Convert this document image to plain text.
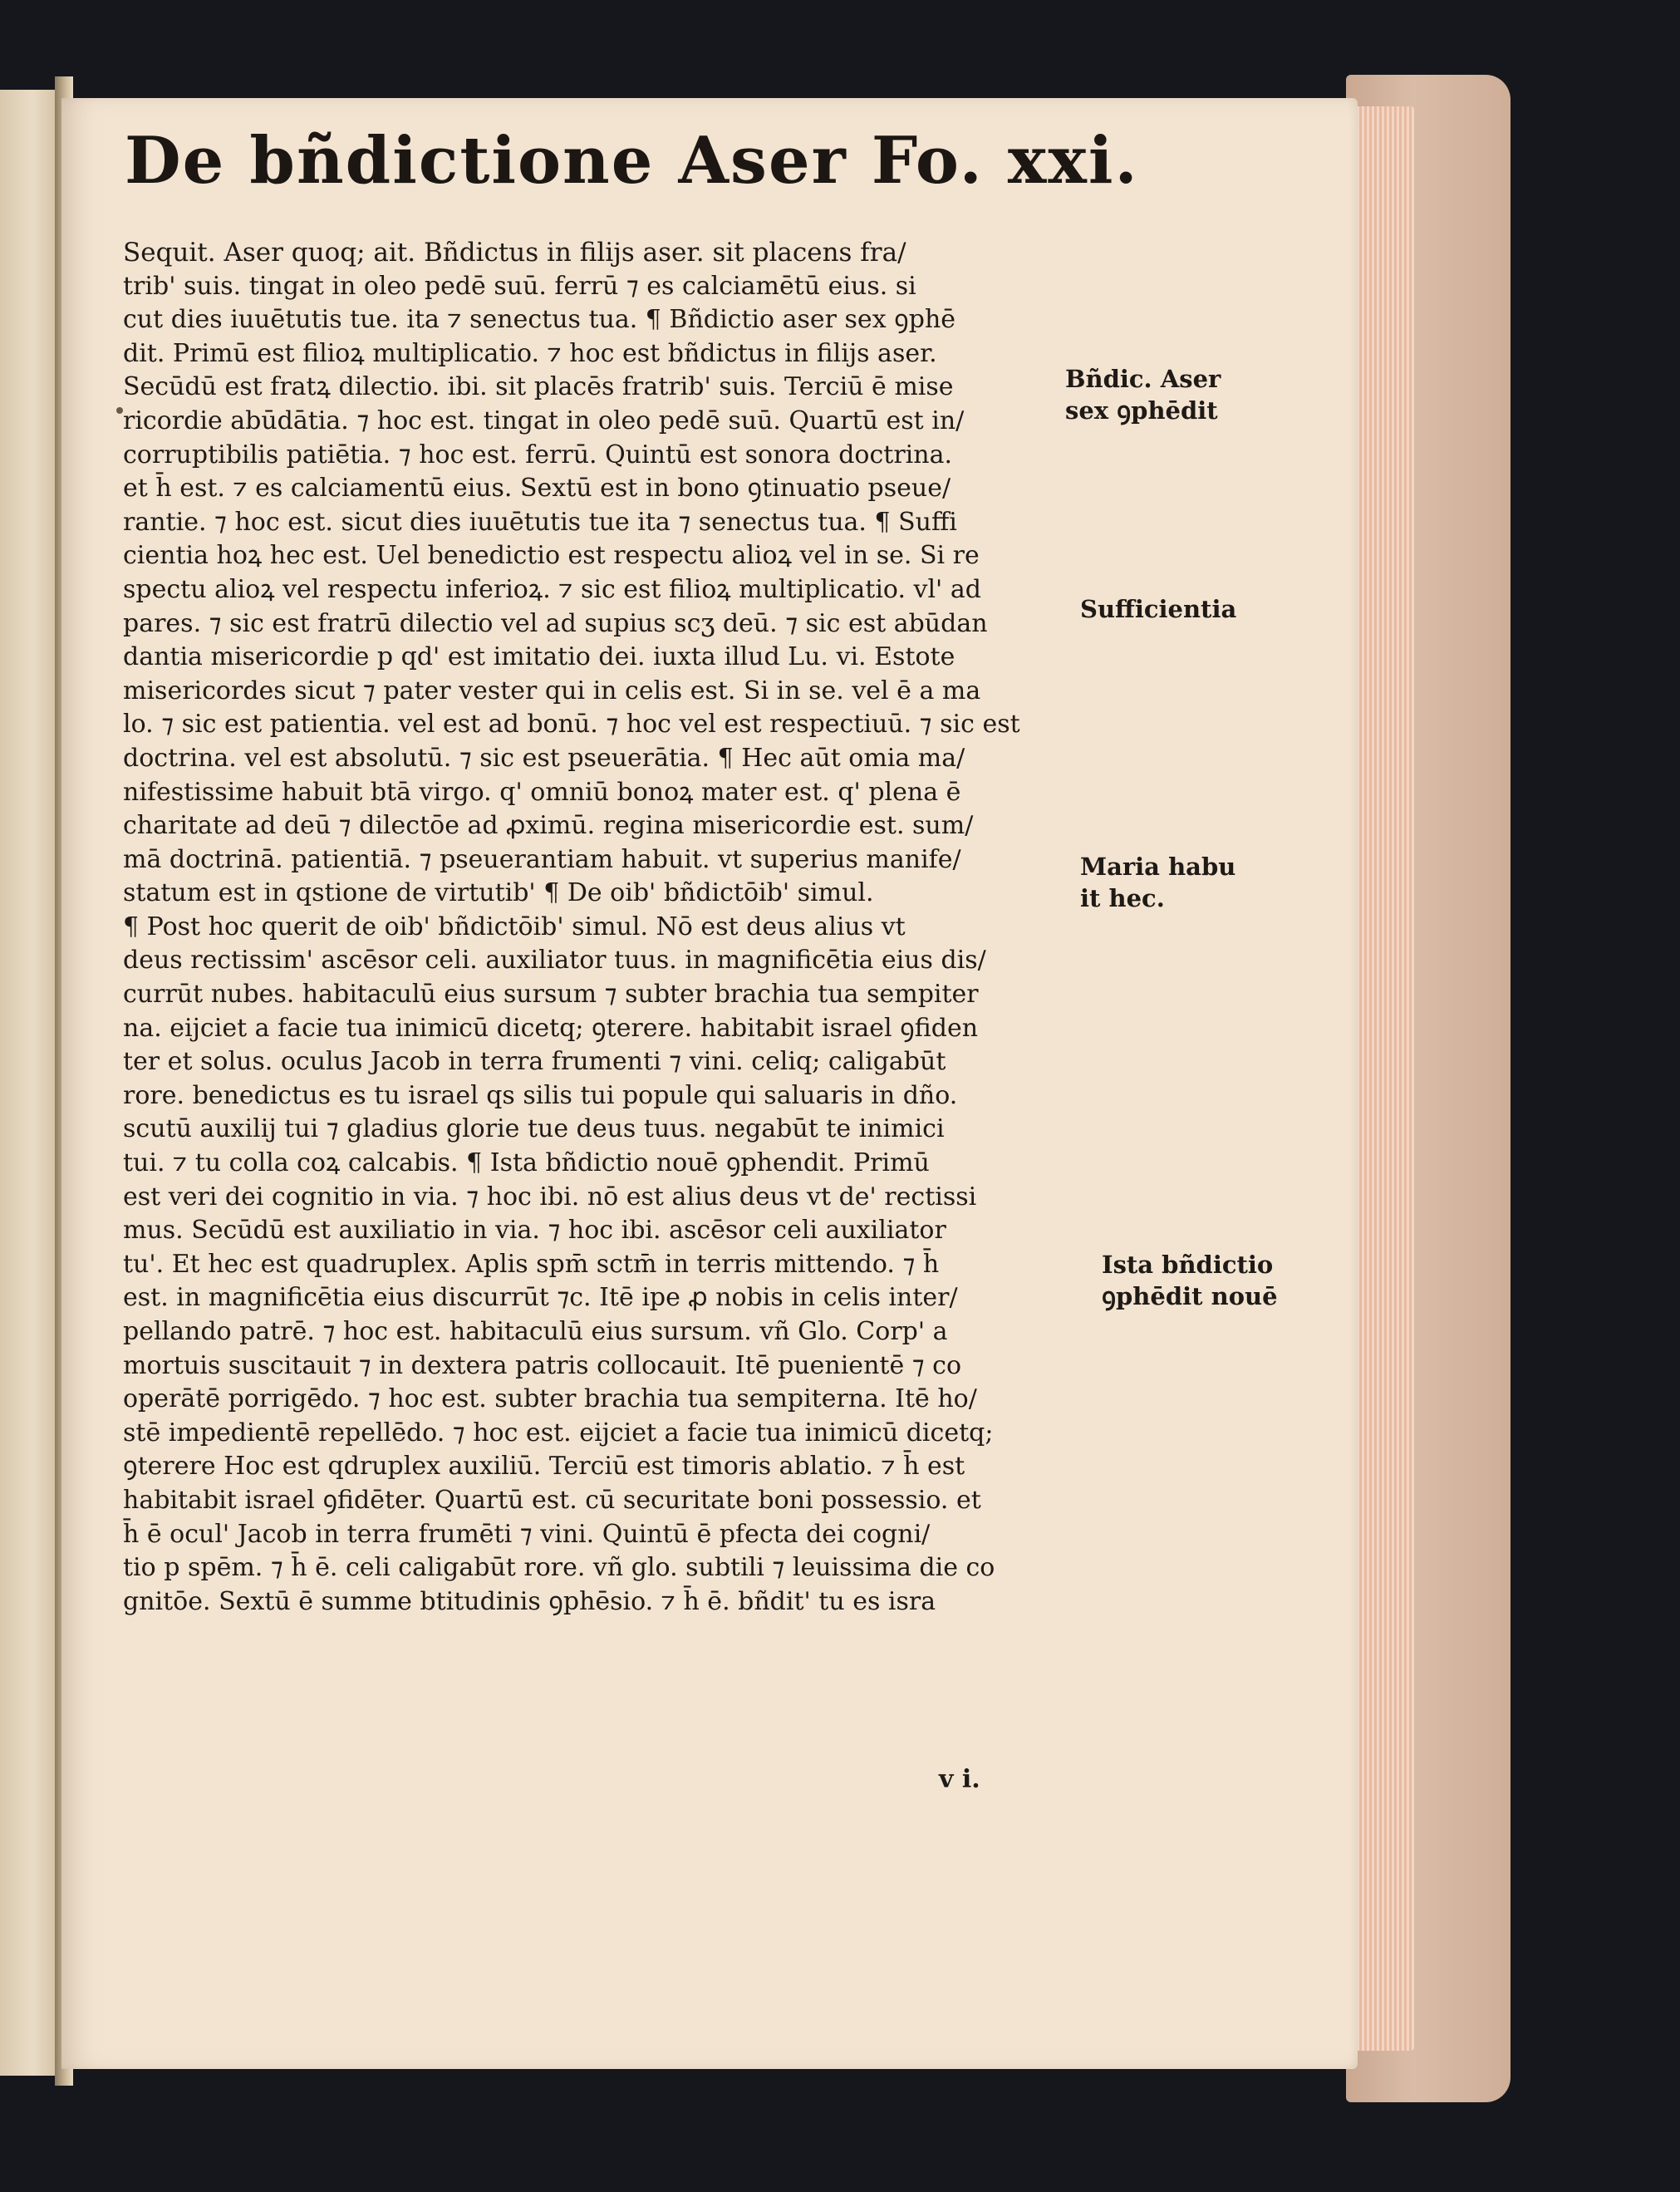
De bñdictione Aser Fo. xxi.
Sequit. Aser quoq; ait. Bñdictus in filijs aser. sit placens fra/
trib' suis. tingat in oleo pedē suū. ferrū ⁊ es calciamētū eius. si
cut dies iuuētutis tue. ita ⁊ senectus tua. ¶ Bñdictio aser sex ꝯphē
dit. Primū est filioꝝ multiplicatio. ⁊ hoc est bñdictus in filijs aser.
Secūdū est fratꝝ dilectio. ibi. sit placēs fratrib' suis. Terciū ē mise
ricordie abūdātia. ⁊ hoc est. tingat in oleo pedē suū. Quartū est in/
corruptibilis patiētia. ⁊ hoc est. ferrū. Quintū est sonora doctrina.
et h̄ est. ⁊ es calciamentū eius. Sextū est in bono ꝯtinuatio pseue/
rantie. ⁊ hoc est. sicut dies iuuētutis tue ita ⁊ senectus tua. ¶ Suffi
cientia hoꝝ hec est. Uel benedictio est respectu alioꝝ vel in se. Si re
spectu alioꝝ vel respectu inferioꝝ. ⁊ sic est filioꝝ multiplicatio. vl' ad
pares. ⁊ sic est fratrū dilectio vel ad supius scʒ deū. ⁊ sic est abūdan
dantia misericordie p qd' est imitatio dei. iuxta illud Lu. vi. Estote
misericordes sicut ⁊ pater vester qui in celis est. Si in se. vel ē a ma
lo. ⁊ sic est patientia. vel est ad bonū. ⁊ hoc vel est respectiuū. ⁊ sic est
doctrina. vel est absolutū. ⁊ sic est pseuerātia. ¶ Hec aūt omia ma/
nifestissime habuit btā virgo. q' omniū bonoꝝ mater est. q' plena ē
charitate ad deū ⁊ dilectōe ad ꝓximū. regina misericordie est. sum/
mā doctrinā. patientiā. ⁊ pseuerantiam habuit. vt superius manife/
statum est in qstione de virtutib' ¶ De oib' bñdictōib' simul.
¶ Post hoc querit de oib' bñdictōib' simul. Nō est deus alius vt
deus rectissim' ascēsor celi. auxiliator tuus. in magnificētia eius dis/
currūt nubes. habitaculū eius sursum ⁊ subter brachia tua sempiter
na. eijciet a facie tua inimicū dicetq; ꝯterere. habitabit israel ꝯfiden
ter et solus. oculus Jacob in terra frumenti ⁊ vini. celiq; caligabūt
rore. benedictus es tu israel qs silis tui popule qui saluaris in dño.
scutū auxilij tui ⁊ gladius glorie tue deus tuus. negabūt te inimici
tui. ⁊ tu colla coꝝ calcabis. ¶ Ista bñdictio nouē ꝯphendit. Primū
est veri dei cognitio in via. ⁊ hoc ibi. nō est alius deus vt de' rectissi
mus. Secūdū est auxiliatio in via. ⁊ hoc ibi. ascēsor celi auxiliator
tu'. Et hec est quadruplex. Aplis spm̄ sctm̄ in terris mittendo. ⁊ h̄
est. in magnificētia eius discurrūt ⁊c. Itē ipe ꝓ nobis in celis inter/
pellando patrē. ⁊ hoc est. habitaculū eius sursum. vñ Glo. Corp' a
mortuis suscitauit ⁊ in dextera patris collocauit. Itē puenientē ⁊ co
operātē porrigēdo. ⁊ hoc est. subter brachia tua sempiterna. Itē ho/
stē impedientē repellēdo. ⁊ hoc est. eijciet a facie tua inimicū dicetq;
ꝯterere Hoc est qdruplex auxiliū. Terciū est timoris ablatio. ⁊ h̄ est
habitabit israel ꝯfidēter. Quartū est. cū securitate boni possessio. et
h̄ ē ocul' Jacob in terra frumēti ⁊ vini. Quintū ē pfecta dei cogni/
tio p spēm. ⁊ h̄ ē. celi caligabūt rore. vñ glo. subtili ⁊ leuissima die co
gnitōe. Sextū ē summe btitudinis ꝯphēsio. ⁊ h̄ ē. bñdit' tu es isra
Bñdic. Aser
sex ꝯphēdit
Sufficientia
Maria habu
it hec.
Ista bñdictio
ꝯphēdit nouē
v i.
